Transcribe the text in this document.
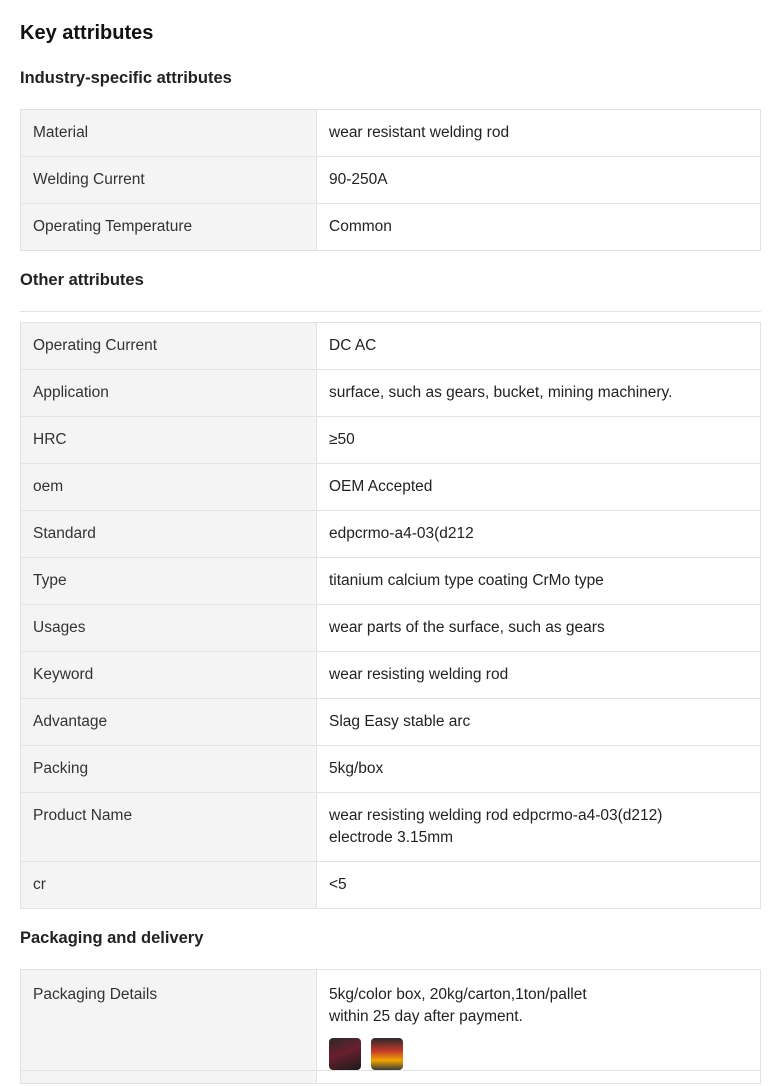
Key attributes
Industry-specific attributes
Material	wear resistant welding rod
Welding Current	90-250A
Operating Temperature	Common
Other attributes
Operating Current	DC AC
Application	surface, such as gears, bucket, mining machinery.
HRC	≥50
oem	OEM Accepted
Standard	edpcrmo-a4-03(d212
Type	titanium calcium type coating CrMo type
Usages	wear parts of the surface, such as gears
Keyword	wear resisting welding rod
Advantage	Slag Easy stable arc
Packing	5kg/box
Product Name	wear resisting welding rod edpcrmo-a4-03(d212)
electrode 3.15mm

cr	<5
Packaging and delivery
Packaging Details	5kg/color box, 20kg/carton,1ton/pallet
within 25 day after payment.
